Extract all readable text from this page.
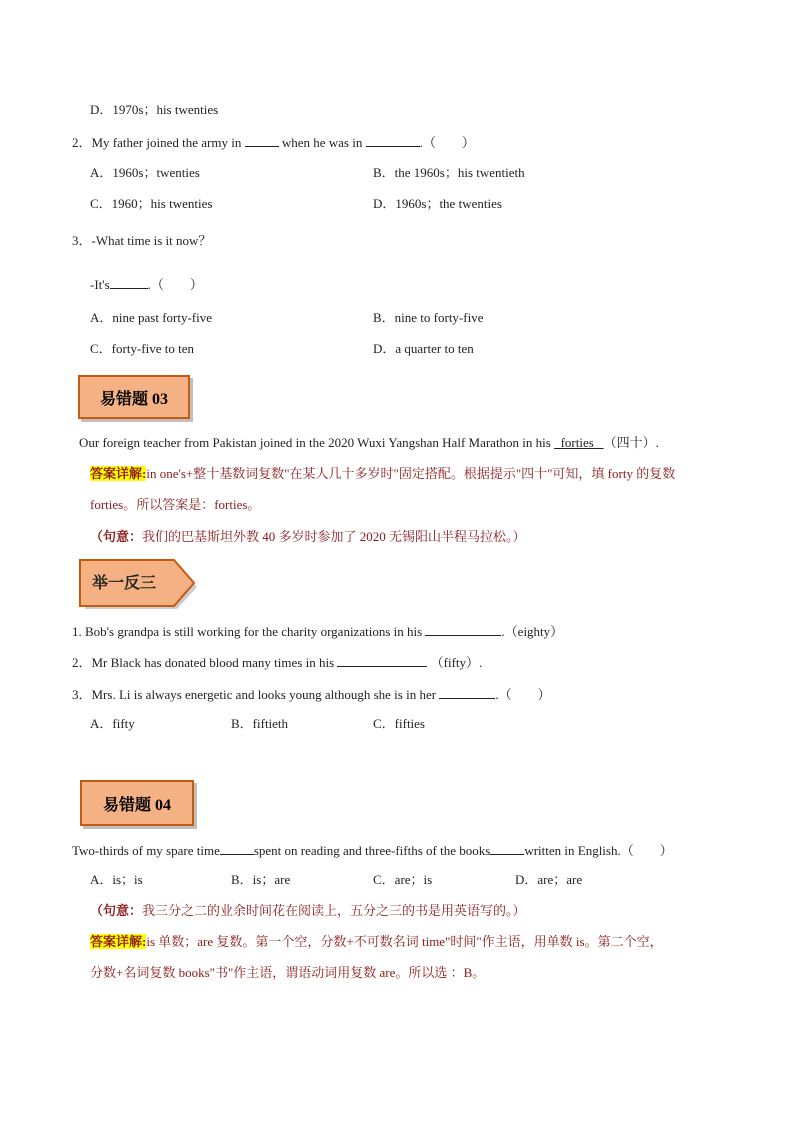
D．1970s；his twenties
2．My father joined the army in	when he was in	.（　　）
A．1960s；twenties	B．the 1960s；his twentieth
C．1960；his twenties	D．1960s；the twenties
3．-What time is it now？
-It's	.（　　）
A．nine past forty-five	B．nine to forty-five
C．forty-five to ten	D．a quarter to ten
易错题 03
Our foreign teacher from Pakistan joined in the 2020 Wuxi Yangshan Half Marathon in his forties （四十）.
答案详解:in one's+整十基数词复数"在某人几十多岁时"固定搭配。根据提示"四十"可知，填 forty 的复数
forties。所以答案是：forties。
（句意：我们的巴基斯坦外教 40 多岁时参加了 2020 无锡阳山半程马拉松。）
举一反三
1. Bob's grandpa is still working for the charity organizations in his	.（eighty）
2．Mr Black has donated blood many times in his	（fifty）.
3．Mrs. Li is always energetic and looks young although she is in her	.（　　）
A．fifty	B．fiftieth	C．fifties
易错题 04
Two-thirds of my spare time	spent on reading and three-fifths of the books	written in English.（　　）
A．is；is	B．is；are	C．are；is	D．are；are
（句意：我三分之二的业余时间花在阅读上，五分之三的书是用英语写的。）
答案详解:is 单数；are 复数。第一个空，分数+不可数名词 time"时间"作主语，用单数 is。第二个空，
分数+名词复数 books"书"作主语，谓语动词用复数 are。所以选 ：B。
